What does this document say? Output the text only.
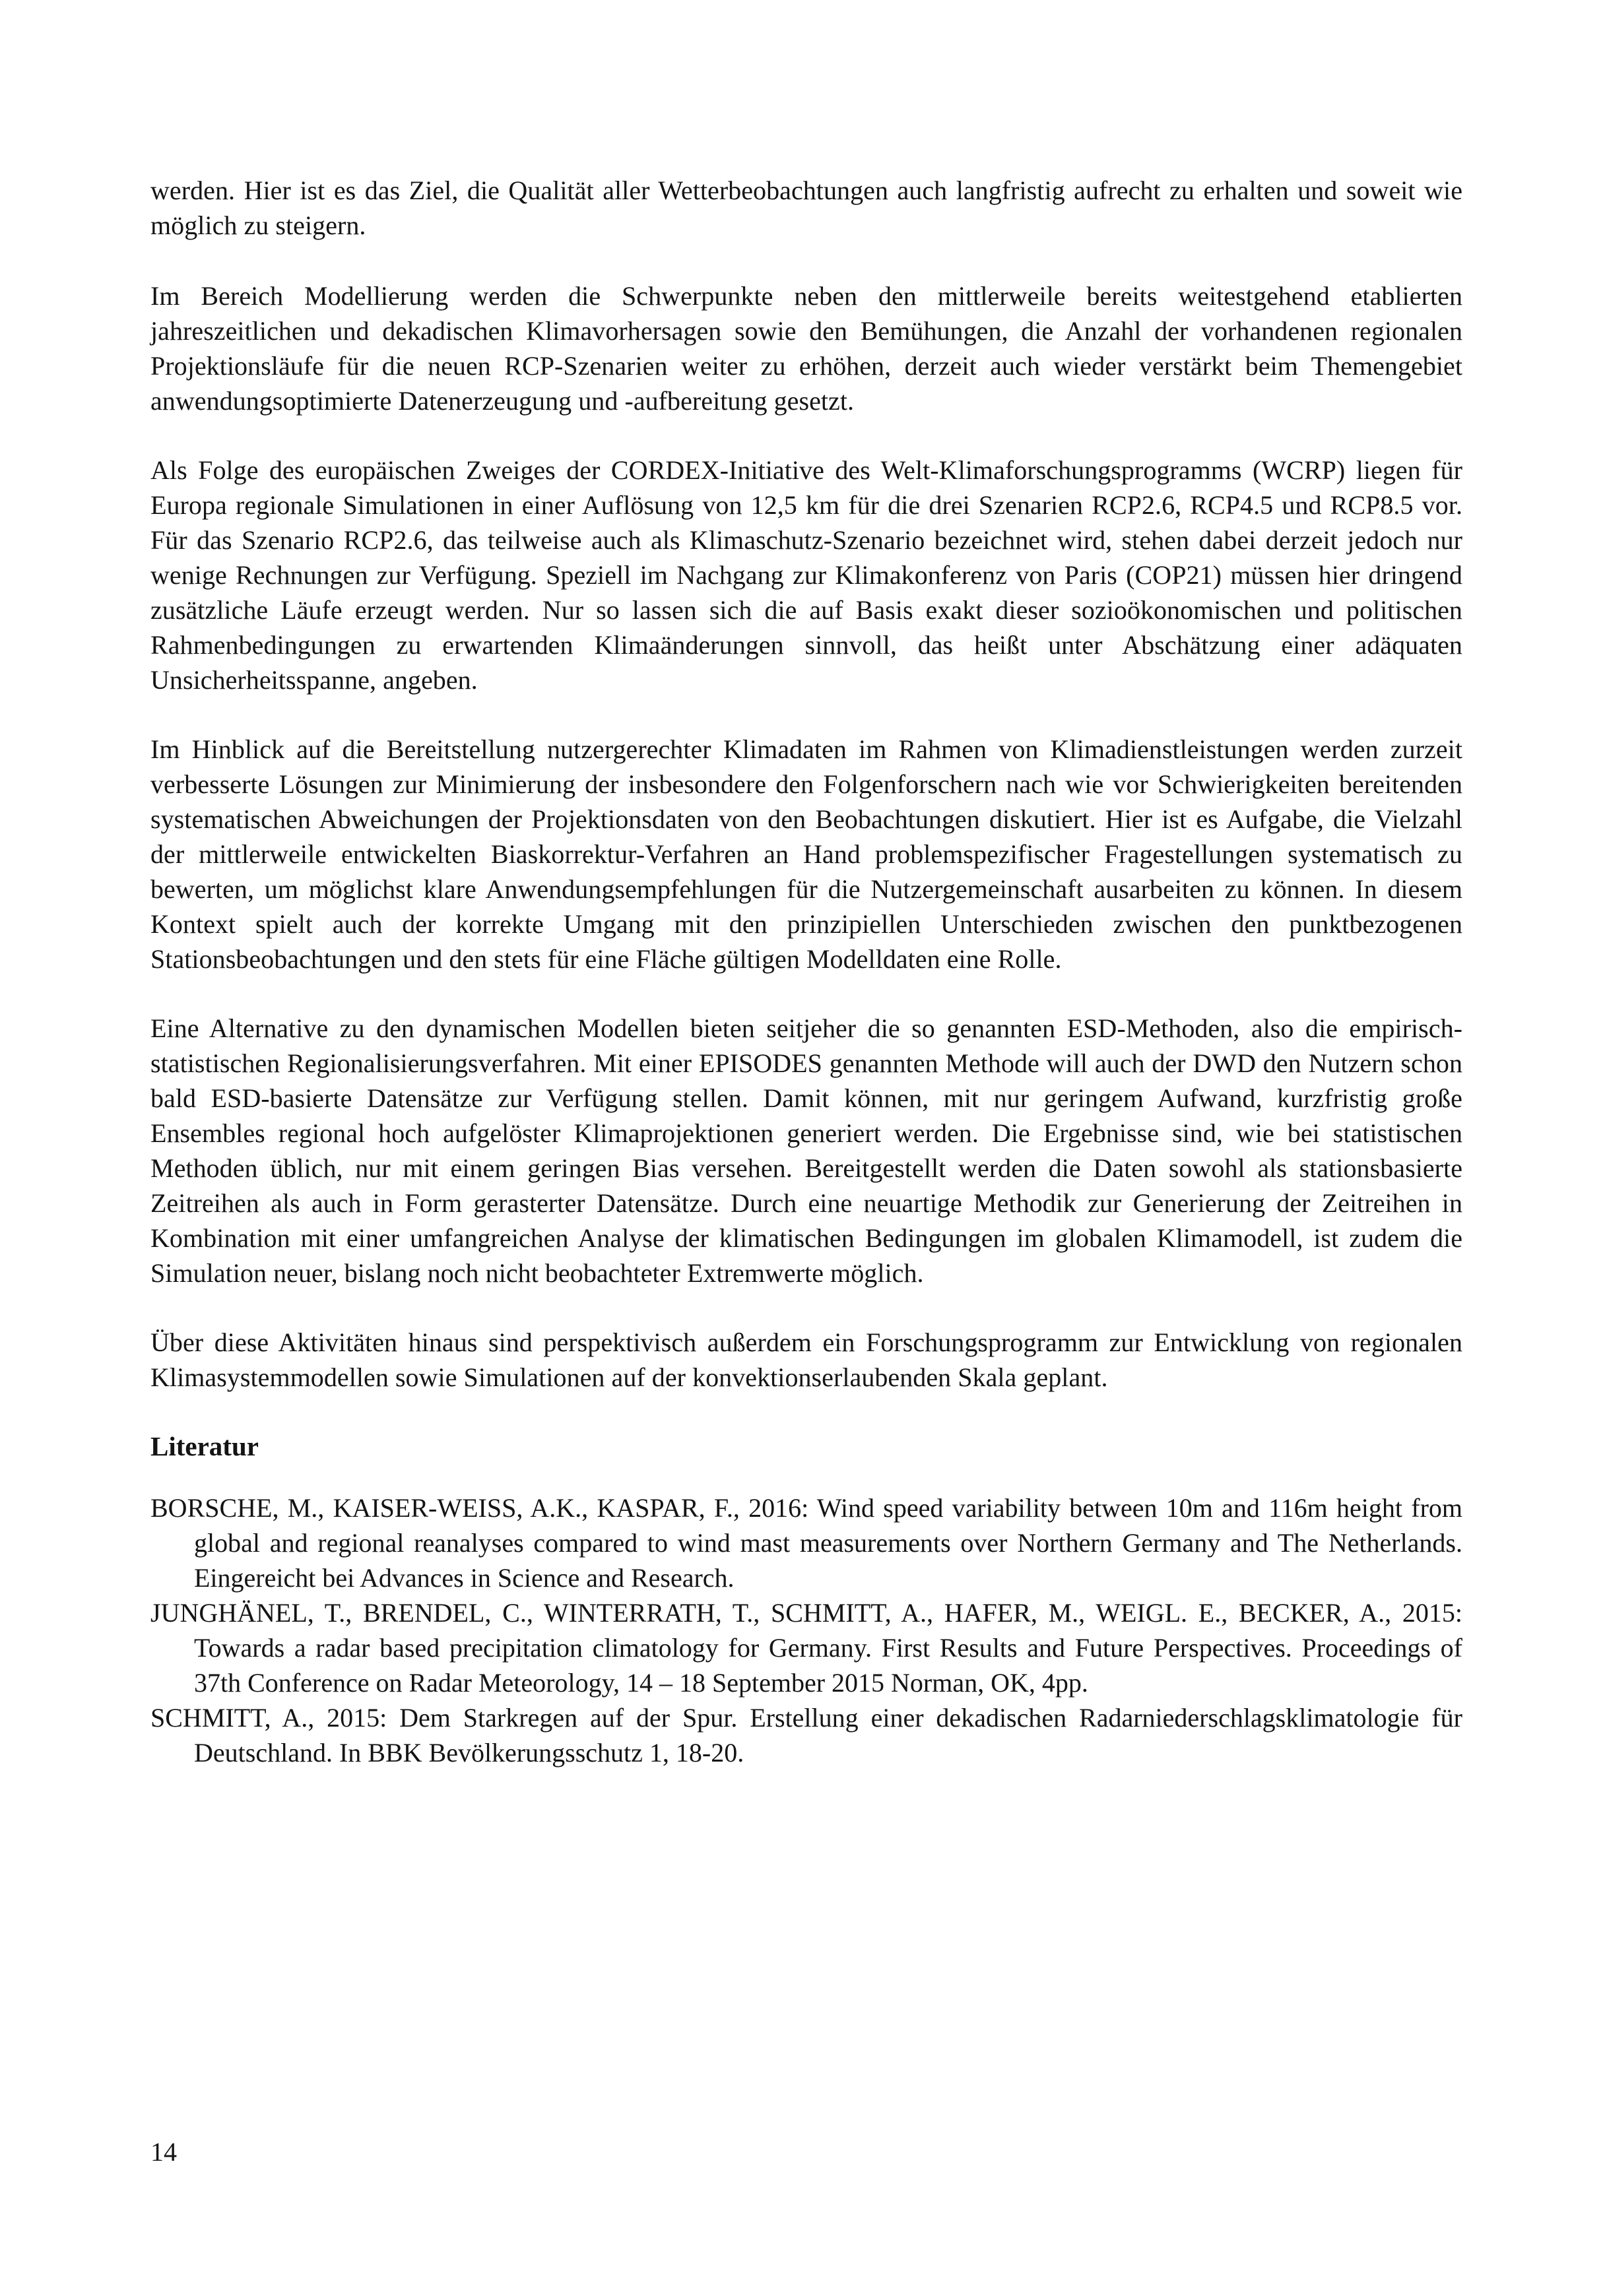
werden. Hier ist es das Ziel, die Qualität aller Wetterbeobachtungen auch langfristig aufrecht zu erhalten und soweit wie möglich zu steigern.

Im Bereich Modellierung werden die Schwerpunkte neben den mittlerweile bereits weitestgehend etablierten jahreszeitlichen und dekadischen Klimavorhersagen sowie den Bemühungen, die Anzahl der vorhandenen regionalen Projektionsläufe für die neuen RCP-Szenarien weiter zu erhöhen, derzeit auch wieder verstärkt beim Themengebiet anwendungsoptimierte Datenerzeugung und -aufbereitung gesetzt.

Als Folge des europäischen Zweiges der CORDEX-Initiative des Welt-Klimaforschungsprogramms (WCRP) liegen für Europa regionale Simulationen in einer Auflösung von 12,5 km für die drei Szenarien RCP2.6, RCP4.5 und RCP8.5 vor. Für das Szenario RCP2.6, das teilweise auch als Klimaschutz-Szenario bezeichnet wird, stehen dabei derzeit jedoch nur wenige Rechnungen zur Verfügung. Speziell im Nachgang zur Klimakonferenz von Paris (COP21) müssen hier dringend zusätzliche Läufe erzeugt werden. Nur so lassen sich die auf Basis exakt dieser sozioökonomischen und politischen Rahmenbedingungen zu erwartenden Klimaänderungen sinnvoll, das heißt unter Abschätzung einer adäquaten Unsicherheitsspanne, angeben.

Im Hinblick auf die Bereitstellung nutzergerechter Klimadaten im Rahmen von Klimadienstleistungen werden zurzeit verbesserte Lösungen zur Minimierung der insbesondere den Folgenforschern nach wie vor Schwierigkeiten bereitenden systematischen Abweichungen der Projektionsdaten von den Beobachtungen diskutiert. Hier ist es Aufgabe, die Vielzahl der mittlerweile entwickelten Biaskorrektur-Verfahren an Hand problemspezifischer Fragestellungen systematisch zu bewerten, um möglichst klare Anwendungsempfehlungen für die Nutzergemeinschaft ausarbeiten zu können. In diesem Kontext spielt auch der korrekte Umgang mit den prinzipiellen Unterschieden zwischen den punktbezogenen Stationsbeobachtungen und den stets für eine Fläche gültigen Modelldaten eine Rolle.

Eine Alternative zu den dynamischen Modellen bieten seitjeher die so genannten ESD-Methoden, also die empirisch-statistischen Regionalisierungsverfahren. Mit einer EPISODES genannten Methode will auch der DWD den Nutzern schon bald ESD-basierte Datensätze zur Verfügung stellen. Damit können, mit nur geringem Aufwand, kurzfristig große Ensembles regional hoch aufgelöster Klimaprojektionen generiert werden. Die Ergebnisse sind, wie bei statistischen Methoden üblich, nur mit einem geringen Bias versehen. Bereitgestellt werden die Daten sowohl als stationsbasierte Zeitreihen als auch in Form gerasterter Datensätze. Durch eine neuartige Methodik zur Generierung der Zeitreihen in Kombination mit einer umfangreichen Analyse der klimatischen Bedingungen im globalen Klimamodell, ist zudem die Simulation neuer, bislang noch nicht beobachteter Extremwerte möglich.

Über diese Aktivitäten hinaus sind perspektivisch außerdem ein Forschungsprogramm zur Entwicklung von regionalen Klimasystemmodellen sowie Simulationen auf der konvektionserlaubenden Skala geplant.

Literatur

BORSCHE, M., KAISER-WEISS, A.K., KASPAR, F., 2016: Wind speed variability between 10m and 116m height from global and regional reanalyses compared to wind mast measurements over Northern Germany and The Netherlands. Eingereicht bei Advances in Science and Research.

JUNGHÄNEL, T., BRENDEL, C., WINTERRATH, T., SCHMITT, A., HAFER, M., WEIGL. E., BECKER, A., 2015: Towards a radar based precipitation climatology for Germany. First Results and Future Perspectives. Proceedings of 37th Conference on Radar Meteorology, 14 – 18 September 2015 Norman, OK, 4pp.

SCHMITT, A., 2015: Dem Starkregen auf der Spur. Erstellung einer dekadischen Radarniederschlagsklimatologie für Deutschland. In BBK Bevölkerungsschutz 1, 18-20.

14
